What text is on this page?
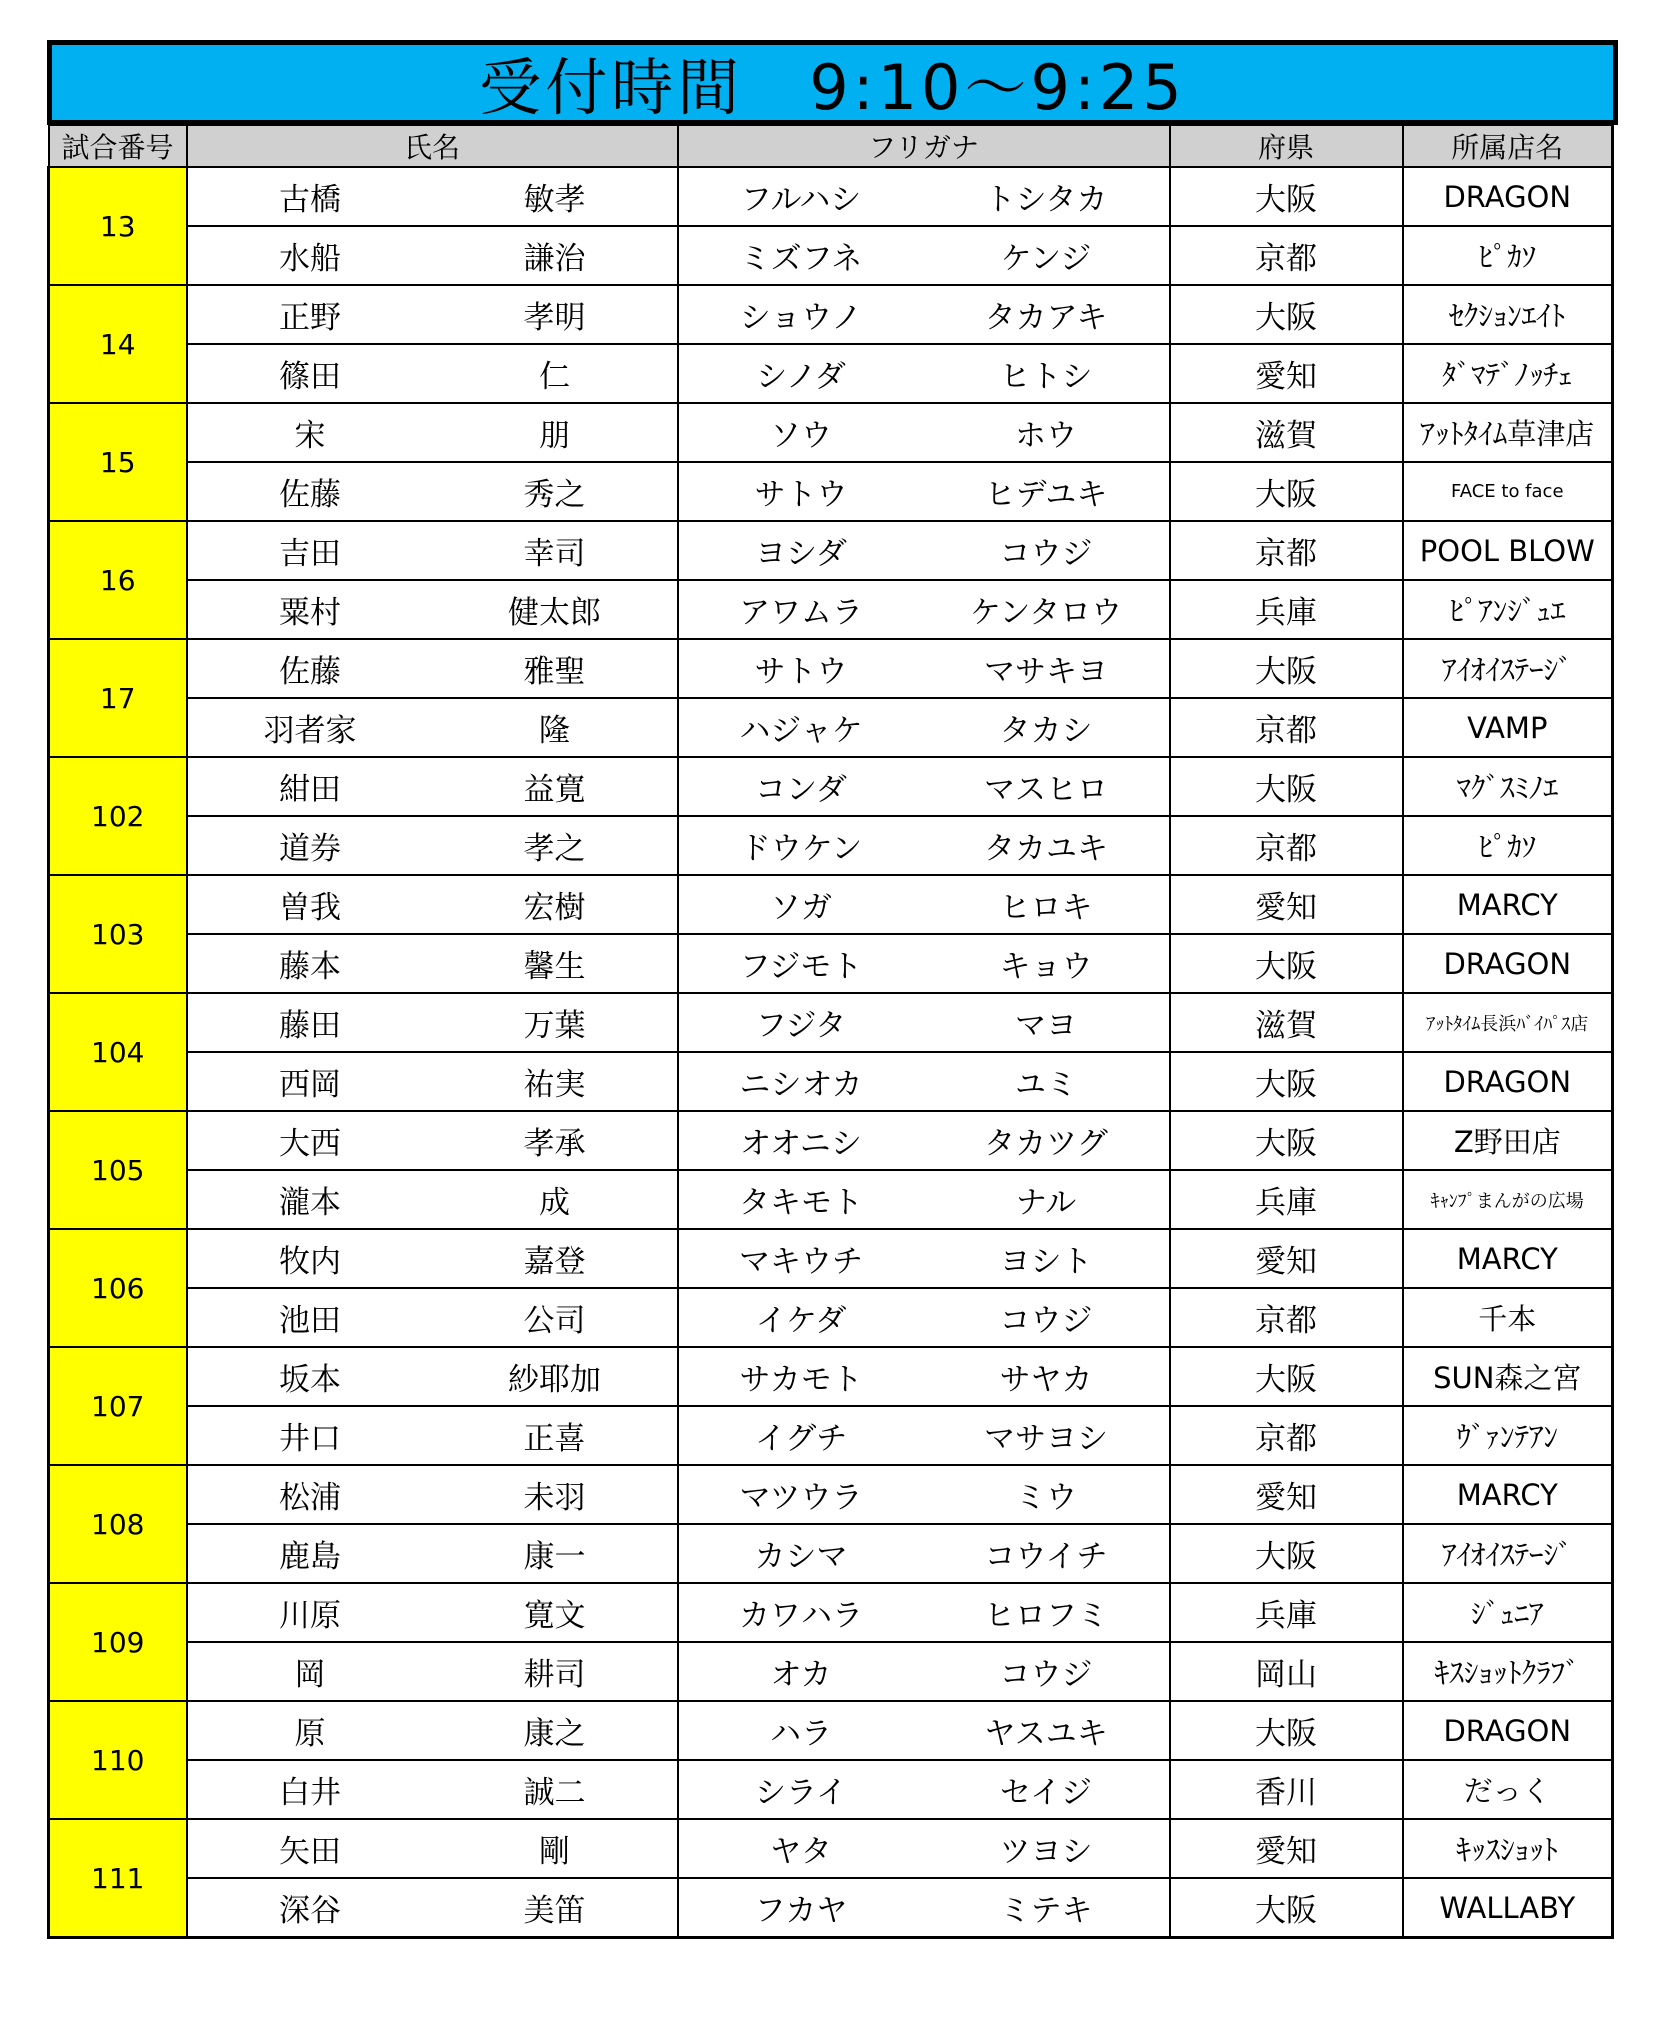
受付時間　9:10～9:25
試合番号	氏名		フリガナ		府県	所属店名
13	古橋	敏孝	フルハシ	トシタカ	大阪	DRAGON
	水船	謙治	ミズフネ	ケンジ	京都	ﾋﾟｶｿ
14	正野	孝明	ショウノ	タカアキ	大阪	ｾｸｼｮﾝｴｲﾄ
	篠田	仁	シノダ	ヒトシ	愛知	ﾀﾞﾏﾃﾞﾉｯﾁｪ
15	宋	朋	ソウ	ホウ	滋賀	ｱｯﾄﾀｲﾑ草津店
	佐藤	秀之	サトウ	ヒデユキ	大阪	FACE to face
16	吉田	幸司	ヨシダ	コウジ	京都	POOL BLOW
	粟村	健太郎	アワムラ	ケンタロウ	兵庫	ﾋﾟｱﾝｼﾞｭｴ
17	佐藤	雅聖	サトウ	マサキヨ	大阪	ｱｲｵｲｽﾃｰｼﾞ
	羽者家	隆	ハジャケ	タカシ	京都	VAMP
102	紺田	益寛	コンダ	マスヒロ	大阪	ﾏｸﾞｽﾐﾉｴ
	道券	孝之	ドウケン	タカユキ	京都	ﾋﾟｶｿ
103	曽我	宏樹	ソガ	ヒロキ	愛知	MARCY
	藤本	馨生	フジモト	キョウ	大阪	DRAGON
104	藤田	万葉	フジタ	マヨ	滋賀	ｱｯﾄﾀｲﾑ長浜ﾊﾞｲﾊﾟｽ店
	西岡	祐実	ニシオカ	ユミ	大阪	DRAGON
105	大西	孝承	オオニシ	タカツグ	大阪	Z野田店
	瀧本	成	タキモト	ナル	兵庫	ｷｬﾝﾌﾟまんがの広場
106	牧内	嘉登	マキウチ	ヨシト	愛知	MARCY
	池田	公司	イケダ	コウジ	京都	千本
107	坂本	紗耶加	サカモト	サヤカ	大阪	SUN森之宮
	井口	正喜	イグチ	マサヨシ	京都	ｳﾞｧﾝﾃｱﾝ
108	松浦	未羽	マツウラ	ミウ	愛知	MARCY
	鹿島	康一	カシマ	コウイチ	大阪	ｱｲｵｲｽﾃｰｼﾞ
109	川原	寛文	カワハラ	ヒロフミ	兵庫	ｼﾞｭﾆｱ
	岡	耕司	オカ	コウジ	岡山	ｷｽｼｮｯﾄｸﾗﾌﾞ
110	原	康之	ハラ	ヤスユキ	大阪	DRAGON
	白井	誠二	シライ	セイジ	香川	だっく
111	矢田	剛	ヤタ	ツヨシ	愛知	ｷｯｽｼｮｯﾄ
	深谷	美笛	フカヤ	ミテキ	大阪	WALLABY
